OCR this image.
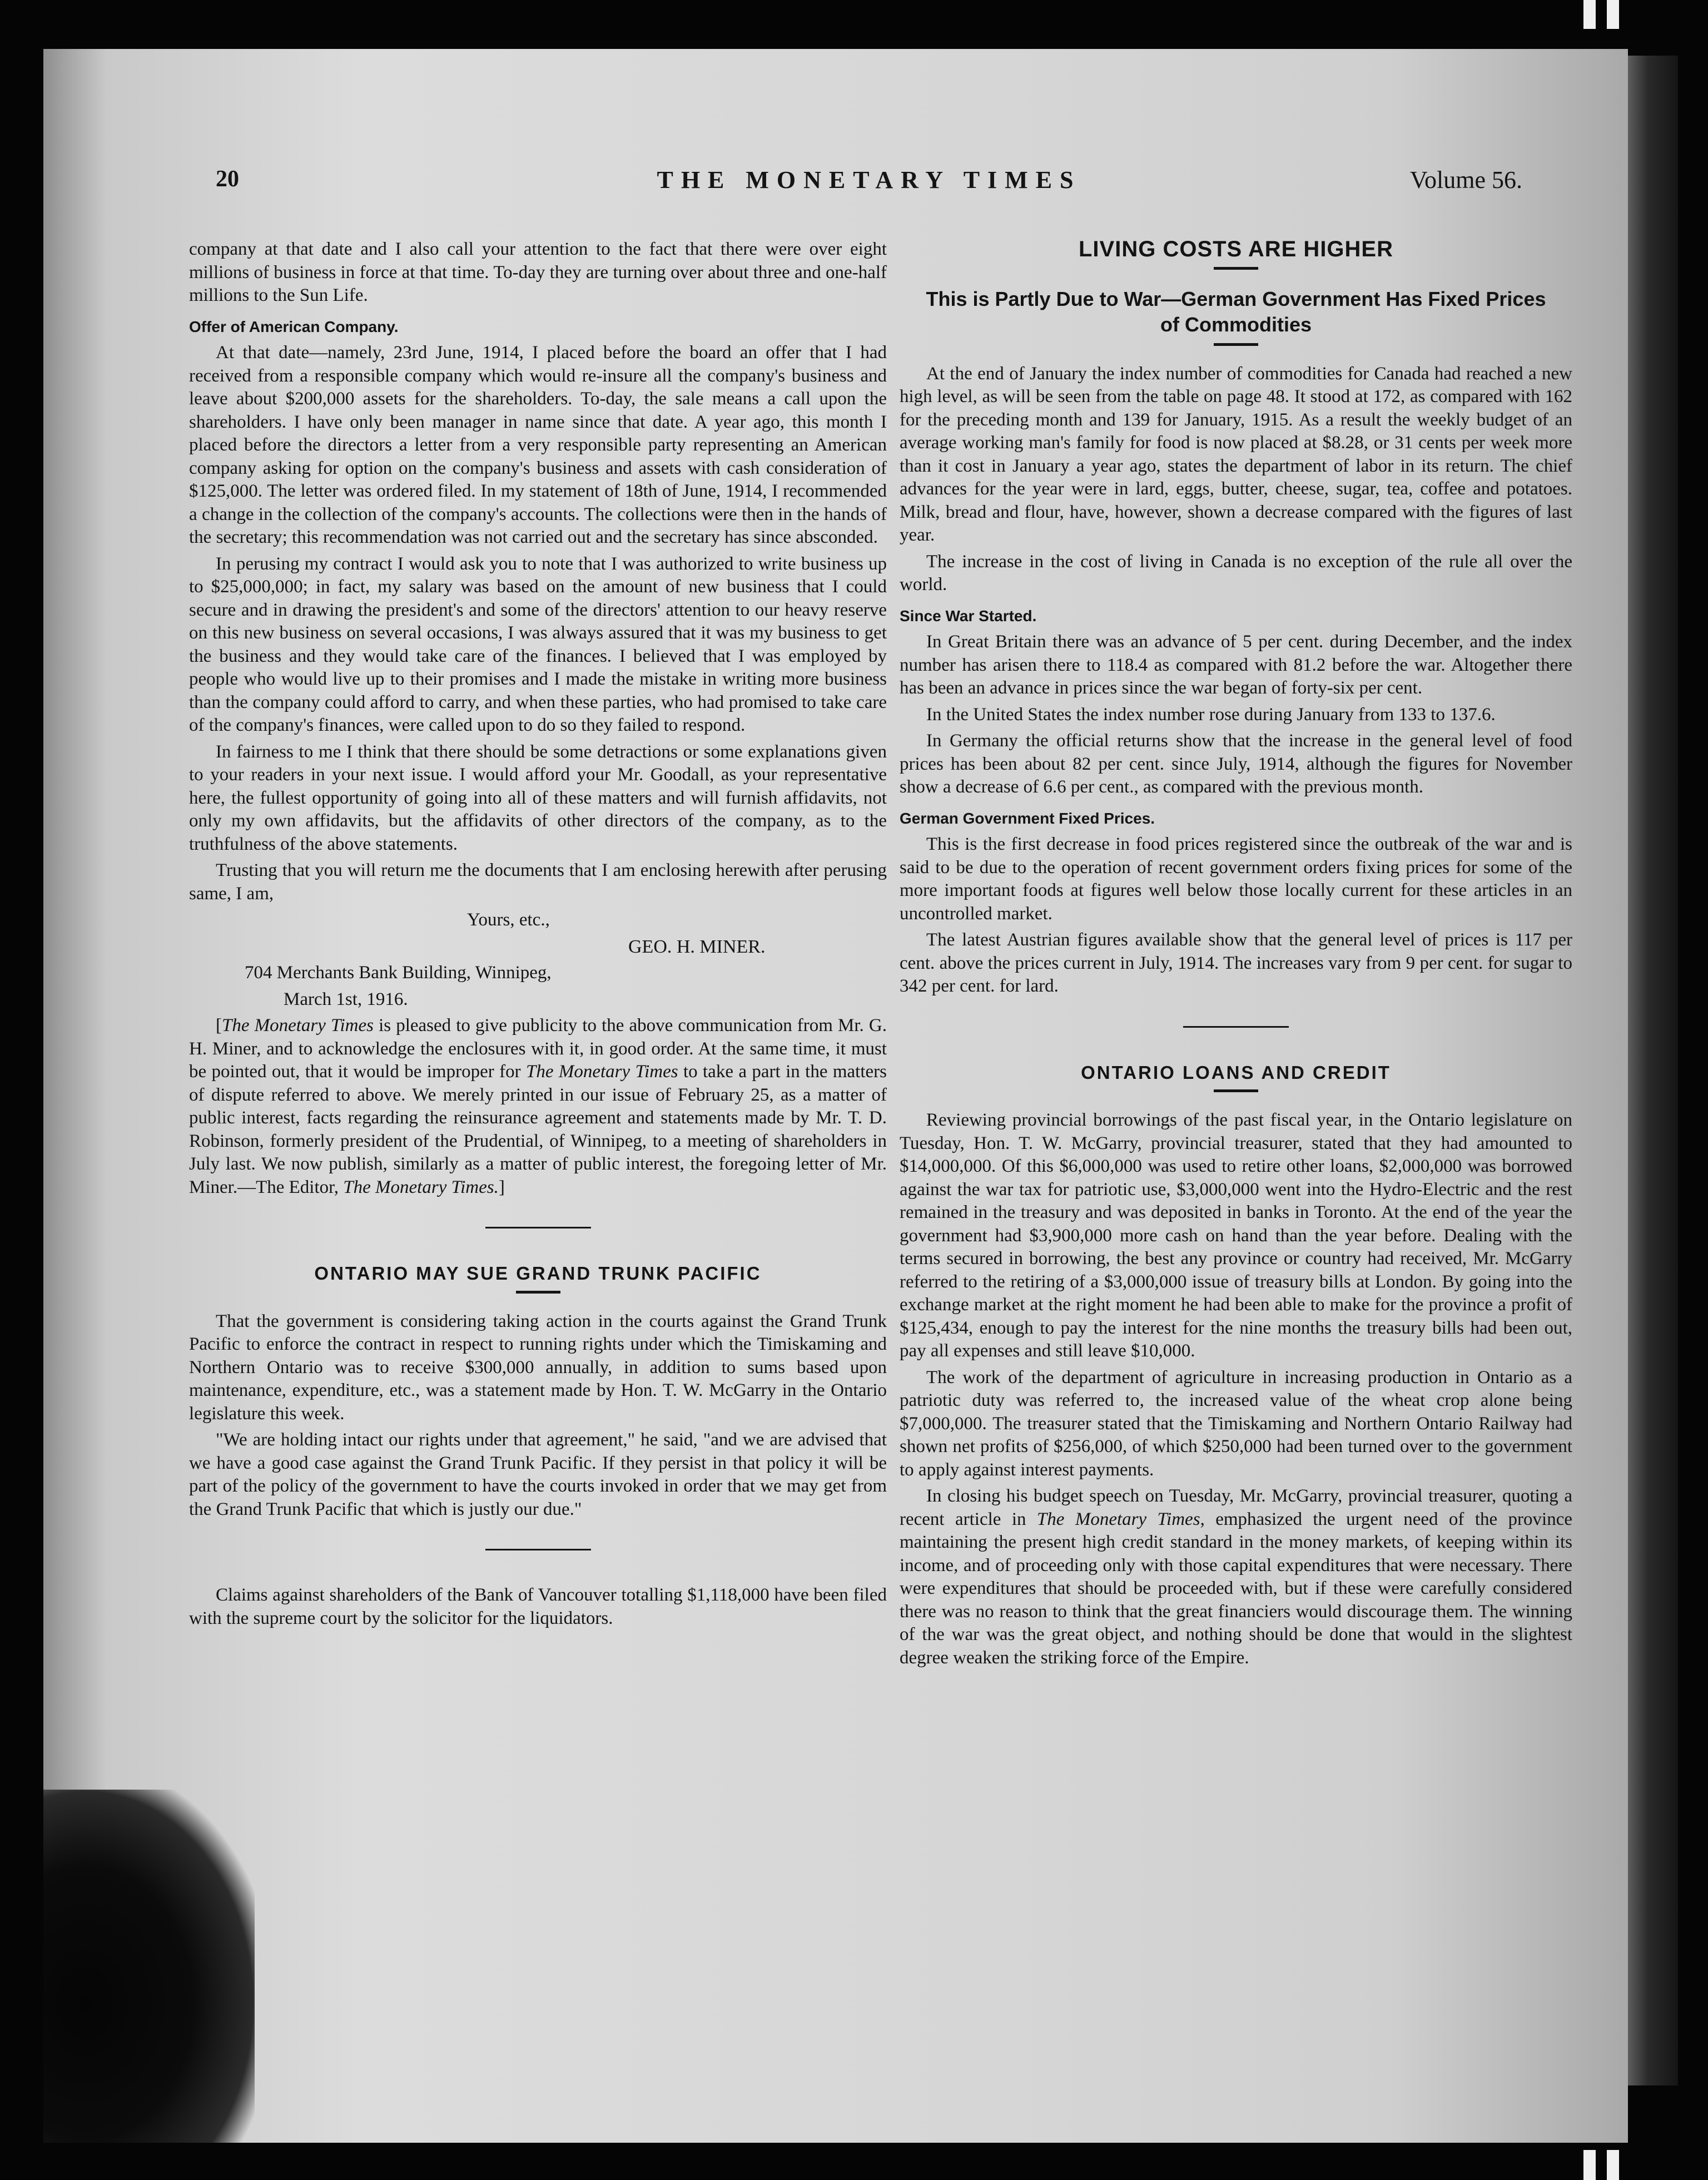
THE MONETARY TIMES
20	Volume 56.

company at that date and I also call your attention to the fact that there were over eight millions of business in force at that time. To-day they are turning over about three and one-half millions to the Sun Life.

Offer of American Company.

At that date—namely, 23rd June, 1914, I placed before the board an offer that I had received from a responsible company which would re-insure all the company's business and leave about $200,000 assets for the shareholders. To-day, the sale means a call upon the shareholders. I have only been manager in name since that date. A year ago, this month I placed before the directors a letter from a very responsible party representing an American company asking for option on the company's business and assets with cash consideration of $125,000. The letter was ordered filed. In my statement of 18th of June, 1914, I recommended a change in the collection of the company's accounts. The collections were then in the hands of the secretary; this recommendation was not carried out and the secretary has since absconded.

In perusing my contract I would ask you to note that I was authorized to write business up to $25,000,000; in fact, my salary was based on the amount of new business that I could secure and in drawing the president's and some of the directors' attention to our heavy reserve on this new business on several occasions, I was always assured that it was my business to get the business and they would take care of the finances. I believed that I was employed by people who would live up to their promises and I made the mistake in writing more business than the company could afford to carry, and when these parties, who had promised to take care of the company's finances, were called upon to do so they failed to respond.

In fairness to me I think that there should be some detractions or some explanations given to your readers in your next issue. I would afford your Mr. Goodall, as your representative here, the fullest opportunity of going into all of these matters and will furnish affidavits, not only my own affidavits, but the affidavits of other directors of the company, as to the truthfulness of the above statements.

Trusting that you will return me the documents that I am enclosing herewith after perusing same, I am,

Yours, etc.,

GEO. H. MINER.

704 Merchants Bank Building, Winnipeg,

March 1st, 1916.

[The Monetary Times is pleased to give publicity to the above communication from Mr. G. H. Miner, and to acknowledge the enclosures with it, in good order. At the same time, it must be pointed out, that it would be improper for The Monetary Times to take a part in the matters of dispute referred to above. We merely printed in our issue of February 25, as a matter of public interest, facts regarding the reinsurance agreement and statements made by Mr. T. D. Robinson, formerly president of the Prudential, of Winnipeg, to a meeting of shareholders in July last. We now publish, similarly as a matter of public interest, the foregoing letter of Mr. Miner.—The Editor, The Monetary Times.]

ONTARIO MAY SUE GRAND TRUNK PACIFIC

That the government is considering taking action in the courts against the Grand Trunk Pacific to enforce the contract in respect to running rights under which the Timiskaming and Northern Ontario was to receive $300,000 annually, in addition to sums based upon maintenance, expenditure, etc., was a statement made by Hon. T. W. McGarry in the Ontario legislature this week.

"We are holding intact our rights under that agreement," he said, "and we are advised that we have a good case against the Grand Trunk Pacific. If they persist in that policy it will be part of the policy of the government to have the courts invoked in order that we may get from the Grand Trunk Pacific that which is justly our due."

Claims against shareholders of the Bank of Vancouver totalling $1,118,000 have been filed with the supreme court by the solicitor for the liquidators.

LIVING COSTS ARE HIGHER
This is Partly Due to War—German Government Has Fixed Prices of Commodities

At the end of January the index number of commodities for Canada had reached a new high level, as will be seen from the table on page 48. It stood at 172, as compared with 162 for the preceding month and 139 for January, 1915. As a result the weekly budget of an average working man's family for food is now placed at $8.28, or 31 cents per week more than it cost in January a year ago, states the department of labor in its return. The chief advances for the year were in lard, eggs, butter, cheese, sugar, tea, coffee and potatoes. Milk, bread and flour, have, however, shown a decrease compared with the figures of last year.

The increase in the cost of living in Canada is no exception of the rule all over the world.

Since War Started.

In Great Britain there was an advance of 5 per cent. during December, and the index number has arisen there to 118.4 as compared with 81.2 before the war. Altogether there has been an advance in prices since the war began of forty-six per cent.

In the United States the index number rose during January from 133 to 137.6.

In Germany the official returns show that the increase in the general level of food prices has been about 82 per cent. since July, 1914, although the figures for November show a decrease of 6.6 per cent., as compared with the previous month.

German Government Fixed Prices.

This is the first decrease in food prices registered since the outbreak of the war and is said to be due to the operation of recent government orders fixing prices for some of the more important foods at figures well below those locally current for these articles in an uncontrolled market.

The latest Austrian figures available show that the general level of prices is 117 per cent. above the prices current in July, 1914. The increases vary from 9 per cent. for sugar to 342 per cent. for lard.

ONTARIO LOANS AND CREDIT

Reviewing provincial borrowings of the past fiscal year, in the Ontario legislature on Tuesday, Hon. T. W. McGarry, provincial treasurer, stated that they had amounted to $14,000,000. Of this $6,000,000 was used to retire other loans, $2,000,000 was borrowed against the war tax for patriotic use, $3,000,000 went into the Hydro-Electric and the rest remained in the treasury and was deposited in banks in Toronto. At the end of the year the government had $3,900,000 more cash on hand than the year before. Dealing with the terms secured in borrowing, the best any province or country had received, Mr. McGarry referred to the retiring of a $3,000,000 issue of treasury bills at London. By going into the exchange market at the right moment he had been able to make for the province a profit of $125,434, enough to pay the interest for the nine months the treasury bills had been out, pay all expenses and still leave $10,000.

The work of the department of agriculture in increasing production in Ontario as a patriotic duty was referred to, the increased value of the wheat crop alone being $7,000,000. The treasurer stated that the Timiskaming and Northern Ontario Railway had shown net profits of $256,000, of which $250,000 had been turned over to the government to apply against interest payments.

In closing his budget speech on Tuesday, Mr. McGarry, provincial treasurer, quoting a recent article in The Monetary Times, emphasized the urgent need of the province maintaining the present high credit standard in the money markets, of keeping within its income, and of proceeding only with those capital expenditures that were necessary. There were expenditures that should be proceeded with, but if these were carefully considered there was no reason to think that the great financiers would discourage them. The winning of the war was the great object, and nothing should be done that would in the slightest degree weaken the striking force of the Empire.
